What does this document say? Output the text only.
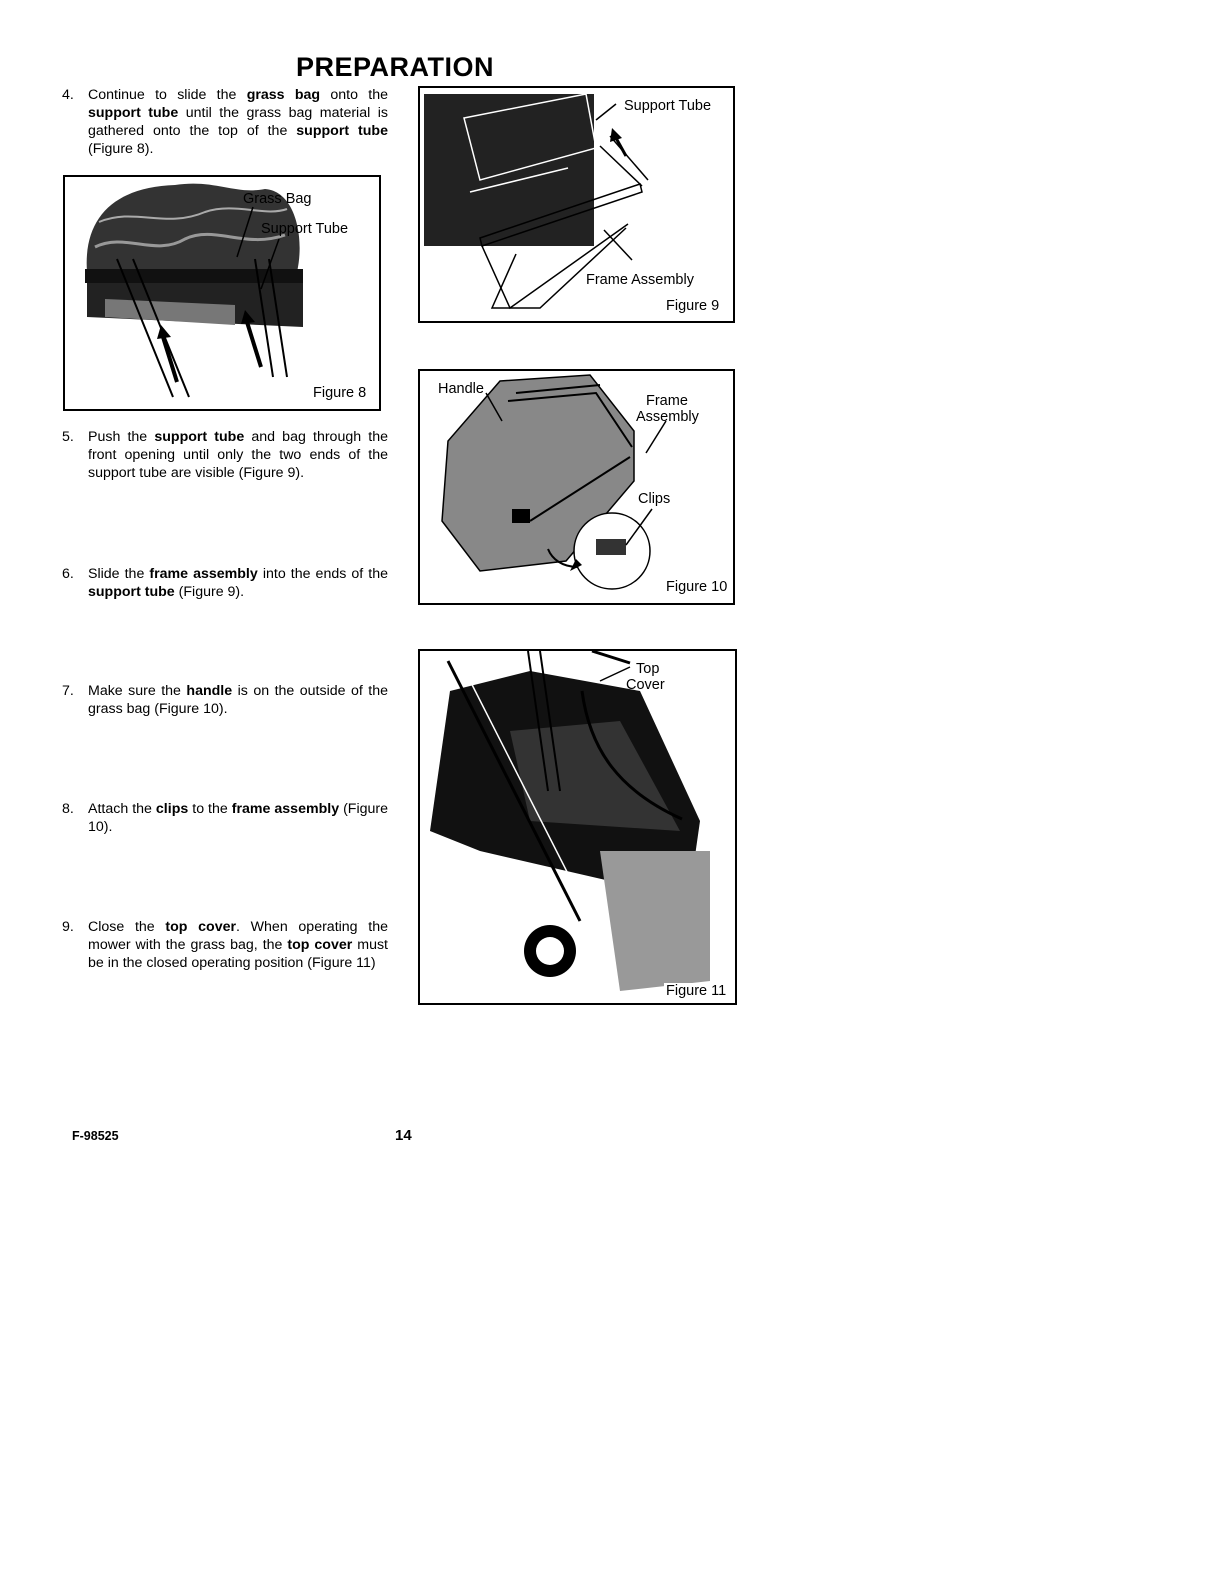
PREPARATION
4. Continue to slide the grass bag onto the support tube until the grass bag material is gathered onto the top of the support tube (Figure 8).
5. Push the support tube and bag through the front opening until only the two ends of the support tube are visible (Figure 9).
6. Slide the frame assembly into the ends of the support tube (Figure 9).
7. Make sure the handle is on the outside of the grass bag (Figure 10).
8. Attach the clips to the frame assembly (Figure 10).
9. Close the top cover. When operating the mower with the grass bag, the top cover must be in the closed operating position (Figure 11)
Grass Bag
Support Tube
Figure 8
Support Tube
Frame Assembly
Figure 9
Handle
Frame
Assembly
Clips
Figure 10
Top
Cover
Figure 11
F-98525	14
